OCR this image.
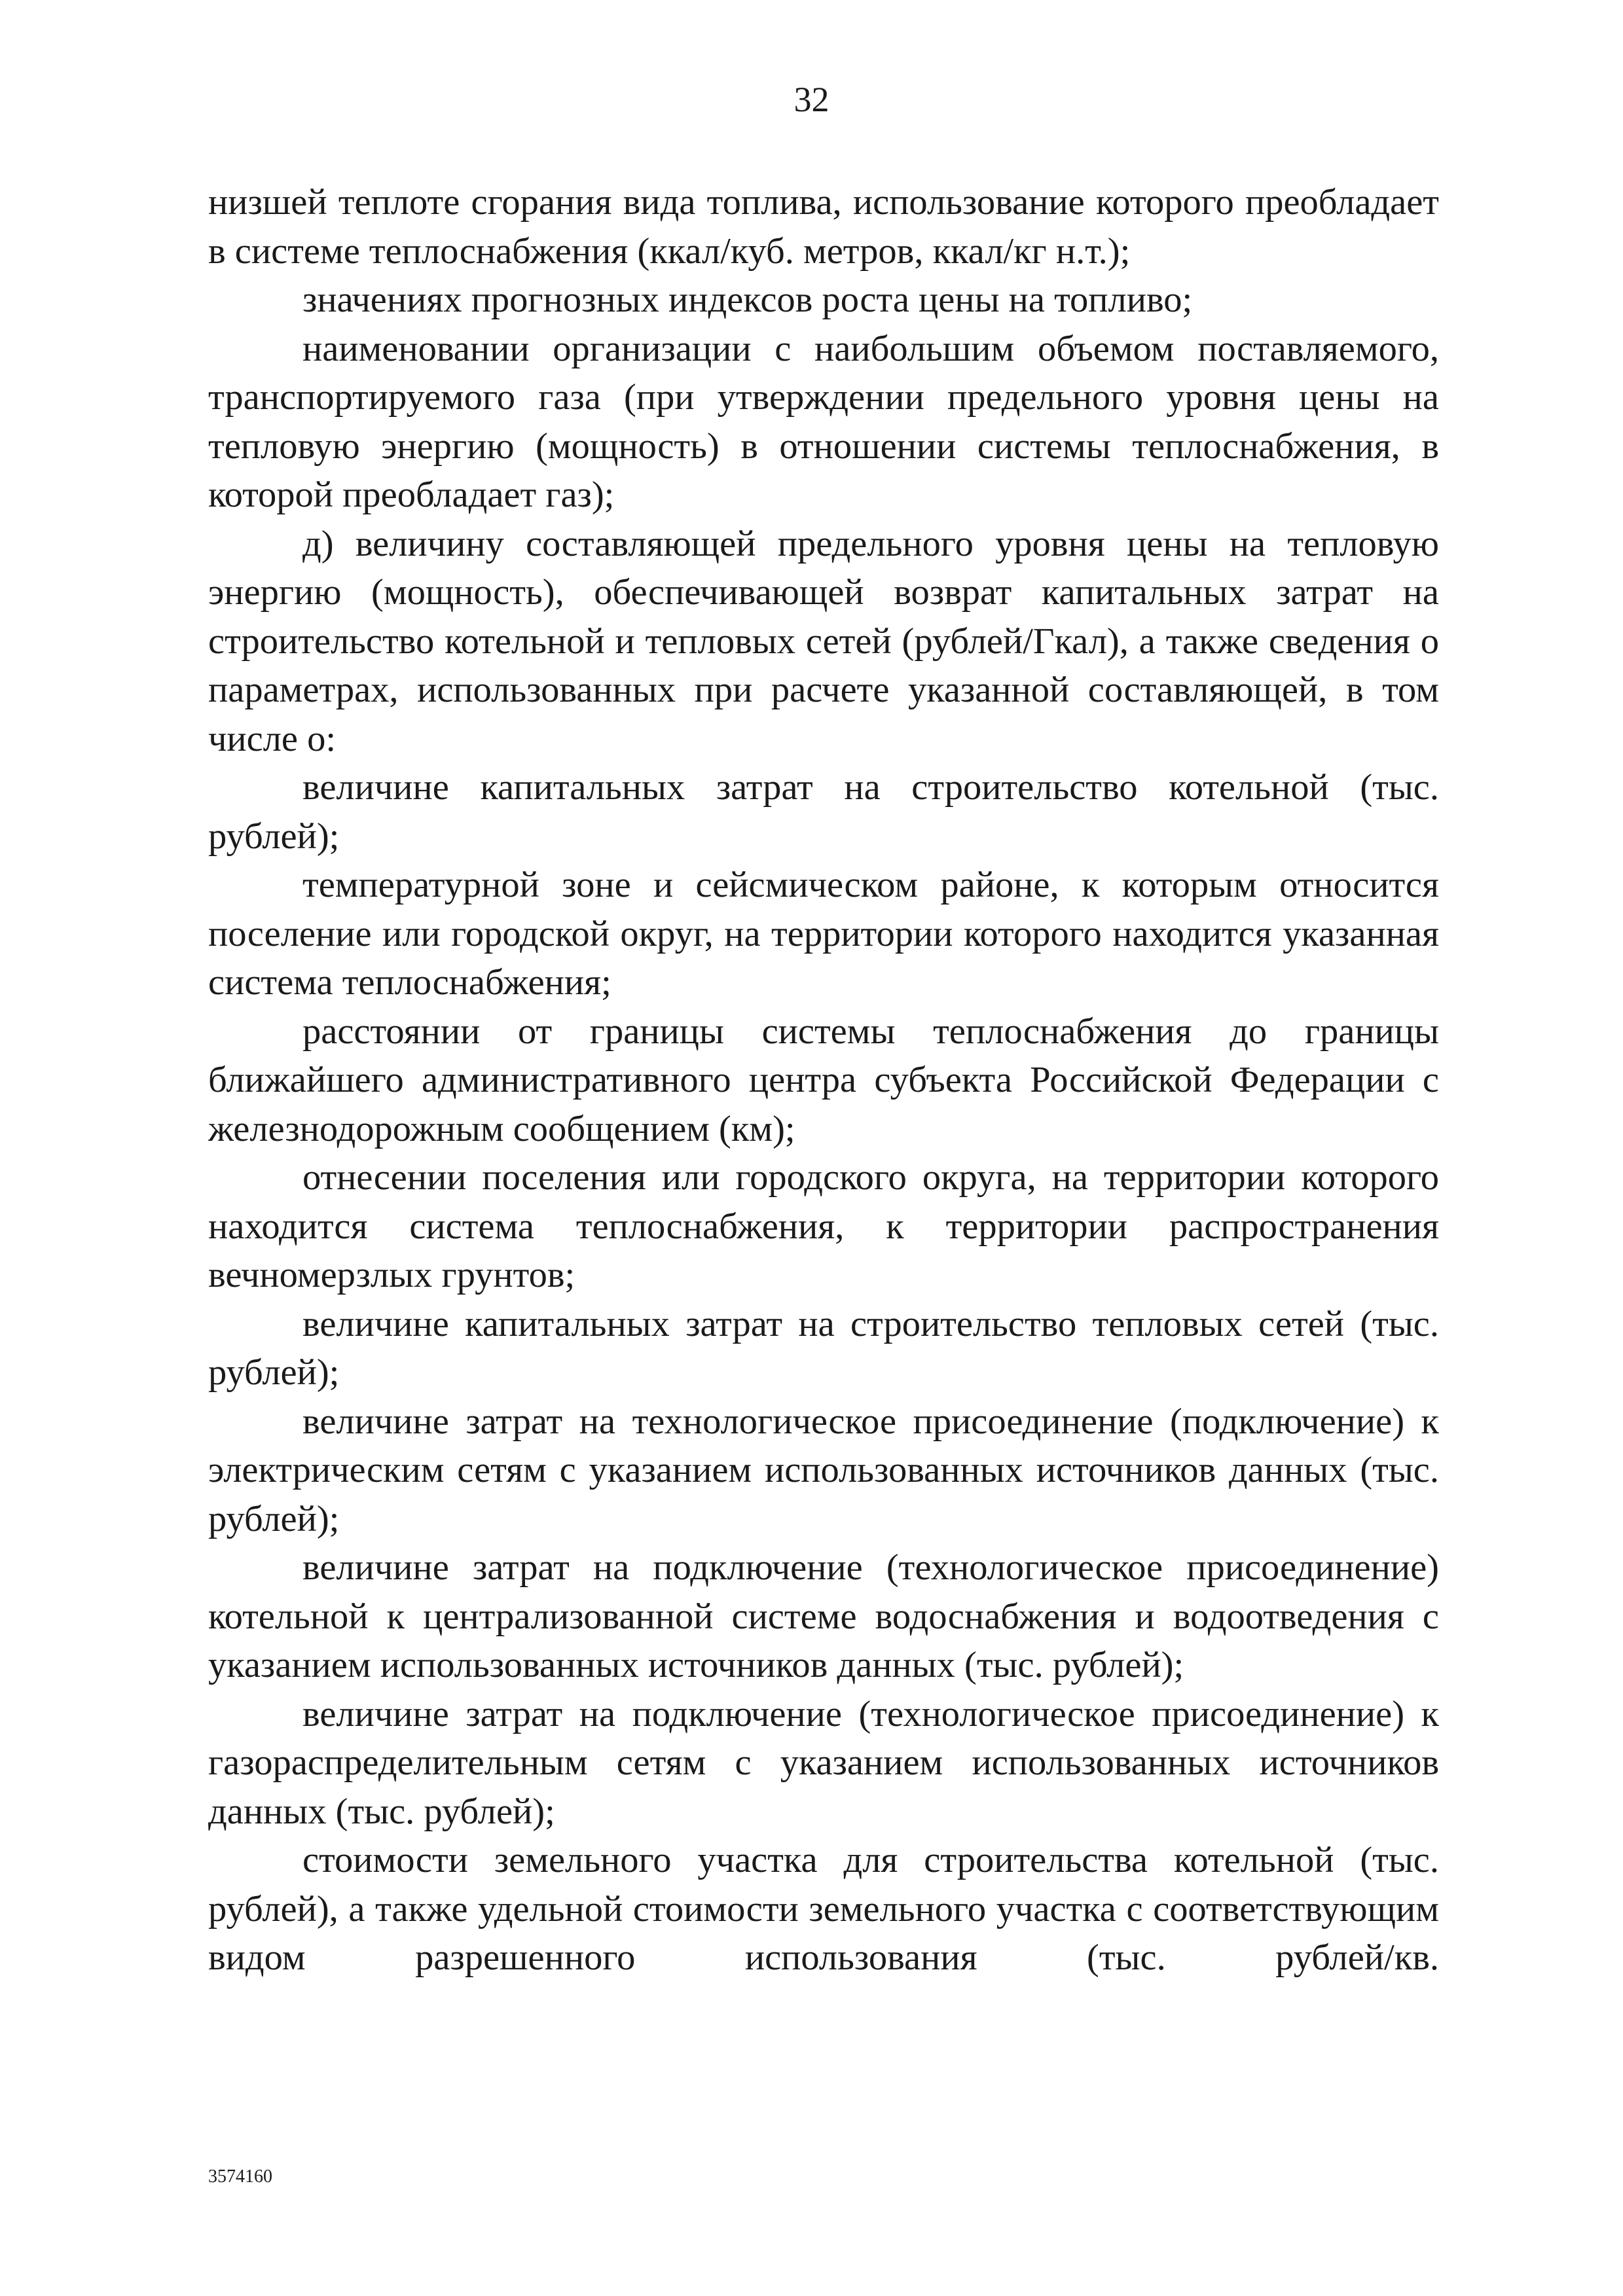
32

низшей теплоте сгорания вида топлива, использование которого преобладает в системе теплоснабжения (ккал/куб. метров, ккал/кг н.т.);

значениях прогнозных индексов роста цены на топливо;

наименовании организации с наибольшим объемом поставляемого, транспортируемого газа (при утверждении предельного уровня цены на тепловую энергию (мощность) в отношении системы теплоснабжения, в которой преобладает газ);

д) величину составляющей предельного уровня цены на тепловую энергию (мощность), обеспечивающей возврат капитальных затрат на строительство котельной и тепловых сетей (рублей/Гкал), а также сведения о параметрах, использованных при расчете указанной составляющей, в том числе о:

величине капитальных затрат на строительство котельной (тыс. рублей);

температурной зоне и сейсмическом районе, к которым относится поселение или городской округ, на территории которого находится указанная система теплоснабжения;

расстоянии от границы системы теплоснабжения до границы ближайшего административного центра субъекта Российской Федерации с железнодорожным сообщением (км);

отнесении поселения или городского округа, на территории которого находится система теплоснабжения, к территории распространения вечномерзлых грунтов;

величине капитальных затрат на строительство тепловых сетей (тыс. рублей);

величине затрат на технологическое присоединение (подключение) к электрическим сетям с указанием использованных источников данных (тыс. рублей);

величине затрат на подключение (технологическое присоединение) котельной к централизованной системе водоснабжения и водоотведения с указанием использованных источников данных (тыс. рублей);

величине затрат на подключение (технологическое присоединение) к газораспределительным сетям с указанием использованных источников данных (тыс. рублей);

стоимости земельного участка для строительства котельной (тыс. рублей), а также удельной стоимости земельного участка с соответствующим видом разрешенного использования (тыс. рублей/кв.

3574160
